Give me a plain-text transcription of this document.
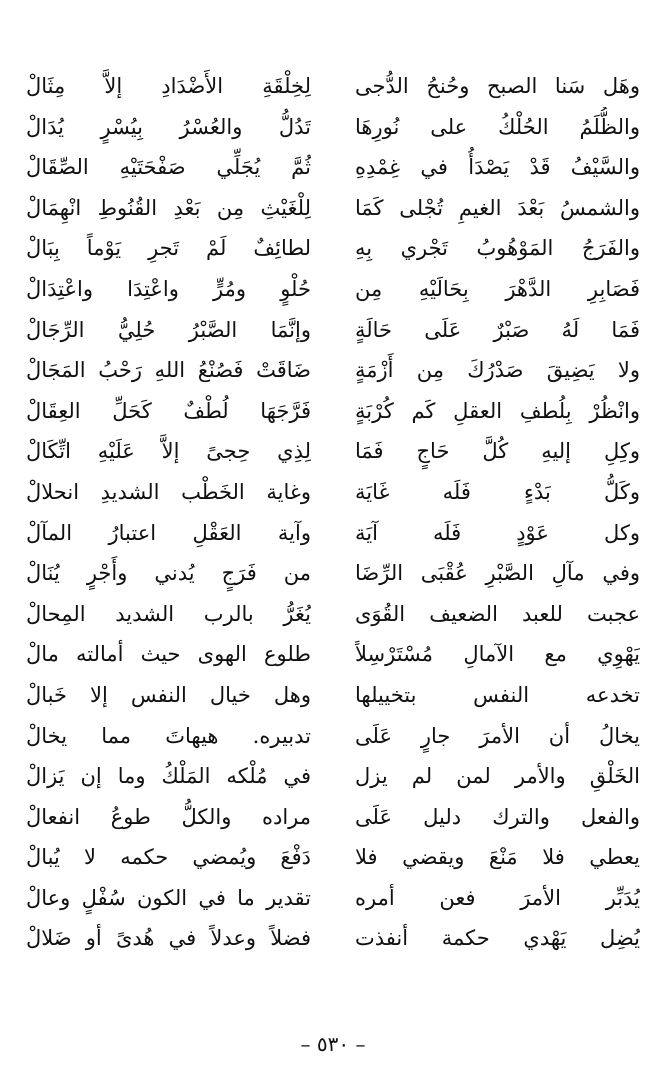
وهَل سَنا الصبح وحُنحُ الدُّجى
والظُّلَمُ الحُلْكُ على نُورِهَا
والسَّيْفُ قَدْ يَصْدَأُ في غِمْدِهِ
والشمسُ بَعْدَ الغيمِ تُجْلى كَمَا
والفَرَجُ المَوْهُوبُ تَجْري بِهِ
فَصَابِرِ الدَّهْرَ بِحَالَيْهِ مِن
فَمَا لَهُ صَبْرٌ عَلَى حَالَةٍ
ولا يَضِيقَ صَدْرُكَ مِن أَزْمَةٍ
وانْظُرْ بِلُطفِ العقلِ كَم كُرْبَةٍ
وكِلِ إليهِ كُلَّ حَاجٍ فَمَا
وكَلُّ بَدْءٍ فَلَه غَايَة
وكل عَوْدٍ فَلَه آيَة
وفي مآلِ الصَّبْرِ عُقْبَى الرِّضَا
عجبت للعبد الضعيف القُوَى
يَهْوِي مع الآمالِ مُسْتَرْسِلاً
تخدعه النفس بتخييلها
يخالُ أن الأمرَ جارٍ عَلَى
الخَلْقِ والأمر لمن لم يزل
والفعل والترك دليل عَلَى
يعطي فلا مَنْعَ ويقضي فلا
يُدَبِّر الأمرَ فعن أمره
يُضِل يَهْدي حكمة أنفذت
لِخِلْقَةِ الأَضْدَادِ إلاَّ مِثَالْ
تَدُلُّ والعُسْرُ بِيُسْرٍ يُدَالْ
ثُمَّ يُجَلِّي صَفْحَتَيْهِ الصِّقَالْ
لِلْغَيْثِ مِن بَعْدِ القُنُوطِ انْهِمَالْ
لطائِفٌ لَمْ تَجرِ يَوْماً بِبَالْ
حُلْوٍ ومُرٍّ واعْتِدَا واعْتِدَالْ
وإنَّمَا الصَّبْرُ حُلِيُّ الرِّجَالْ
ضَاقَتْ فَصُنْعُ اللهِ رَحْبُ المَجَالْ
فَرَّجَهَا لُطْفٌ كَحَلِّ العِقَالْ
لِذِي حِجىً إلاَّ عَلَيْهِ اتِّكَالْ
وغاية الخَطْب الشديدِ انحلالْ
وآية العَقْلِ اعتبارُ المآلْ
من فَرَجٍ يُدني وأَجْرٍ يُنَالْ
يُغَرُّ بالرب الشديد المِحالْ
طلوع الهوى حيث أمالته مالْ
وهل خيال النفس إلا خَبالْ
تدبيره. هيهاتَ مما يخالْ
في مُلْكه المَلْكُ وما إن يَزالْ
مراده والكلُّ طوعُ انفعالْ
دَفْعَ ويُمضي حكمه لا يُبالْ
تقدير ما في الكون سُفْلٍ وعالْ
فضلاً وعدلاً في هُدىً أو ضَلالْ
– ٥٣٠ –
